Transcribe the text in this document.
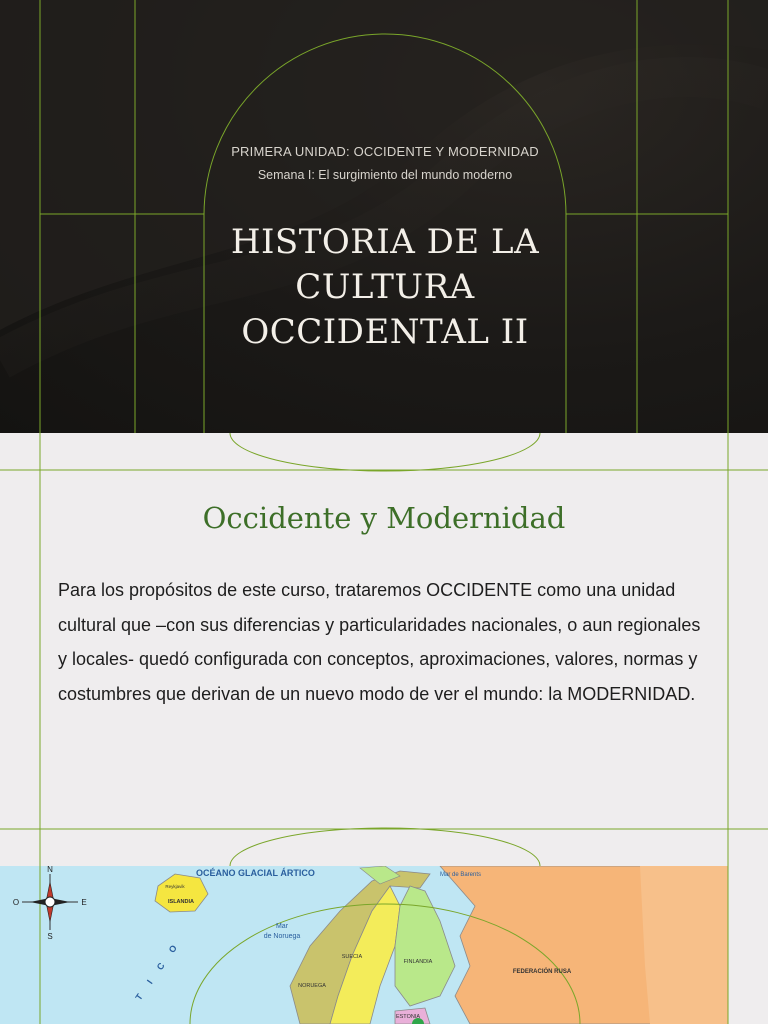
PRIMERA UNIDAD: OCCIDENTE Y MODERNIDAD
Semana I: El surgimiento del mundo moderno
HISTORIA DE LA
CULTURA
OCCIDENTAL II
Occidente y Modernidad
Para los propósitos de este curso, trataremos OCCIDENTE como una unidad cultural que –con sus diferencias y particularidades nacionales, o aun regionales y locales- quedó configurada con conceptos, aproximaciones, valores, normas y costumbres que derivan de un nuevo modo de ver el mundo: la MODERNIDAD.
N
S
E
O
OCÉANO GLACIAL ÁRTICO
Mar
de Noruega
Mar de Barents
ISLANDIA
Reykjavik
NORUEGA
SUECIA
FINLANDIA
ESTONIA
FEDERACIÓN RUSA
T I C O
